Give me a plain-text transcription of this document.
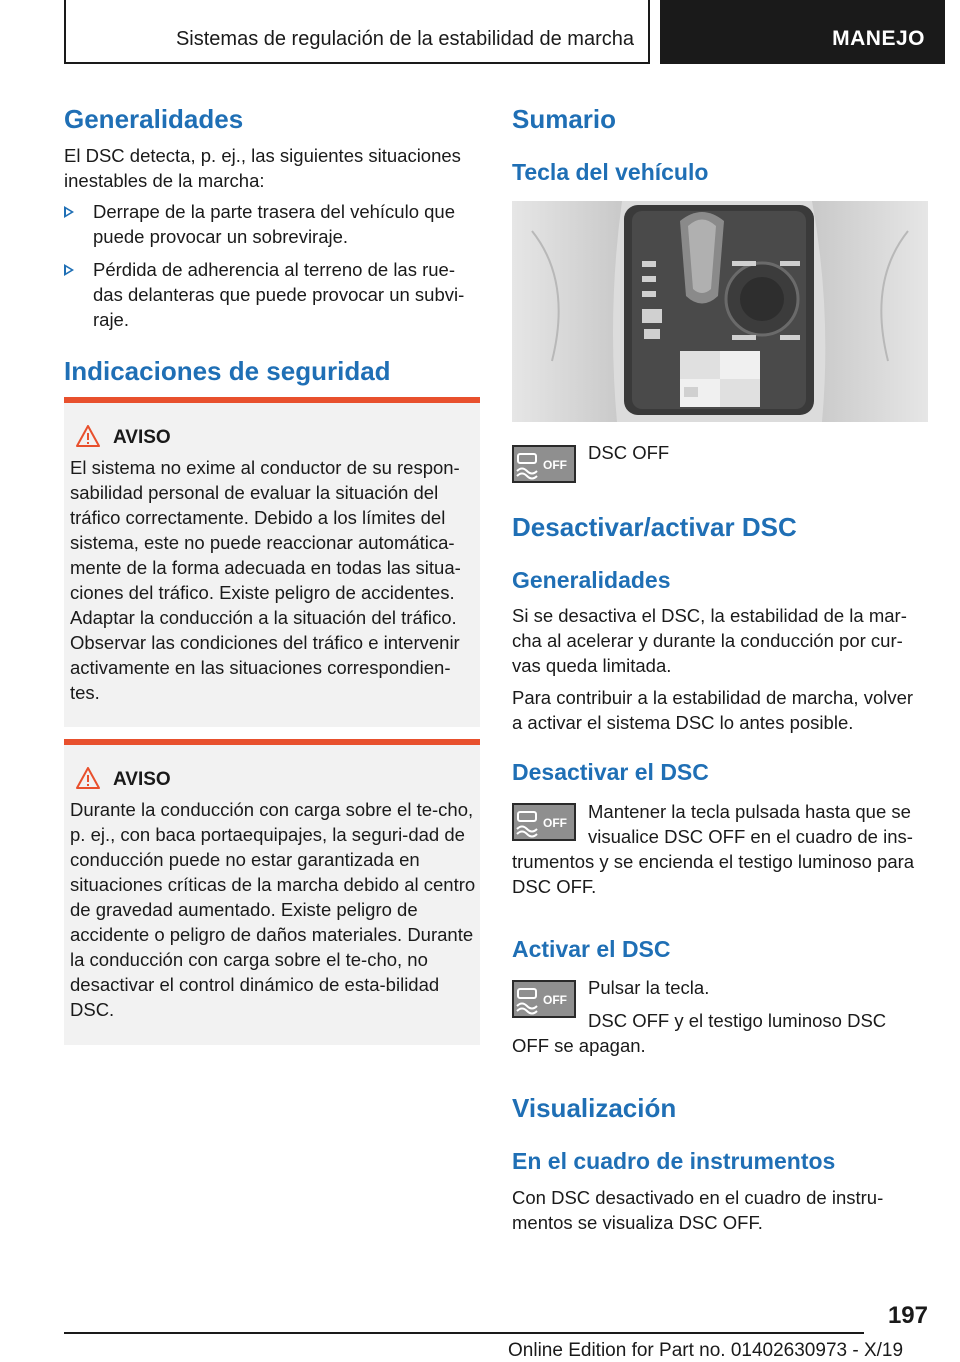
Sistemas de regulación de la estabilidad de marcha	MANEJO
Generalidades
El DSC detecta, p. ej., las siguientes situaciones inestables de la marcha:
Derrape de la parte trasera del vehículo que puede provocar un sobreviraje.
Pérdida de adherencia al terreno de las rue-das delanteras que puede provocar un subvi-raje.
Indicaciones de seguridad
AVISO
El sistema no exime al conductor de su respon-sabilidad personal de evaluar la situación del tráfico correctamente. Debido a los límites del sistema, este no puede reaccionar automática-mente de la forma adecuada en todas las situa-ciones del tráfico. Existe peligro de accidentes. Adaptar la conducción a la situación del tráfico. Observar las condiciones del tráfico e intervenir activamente en las situaciones correspondien-tes.
AVISO
Durante la conducción con carga sobre el te-cho, p. ej., con baca portaequipajes, la seguri-dad de conducción puede no estar garantizada en situaciones críticas de la marcha debido al centro de gravedad aumentado. Existe peligro de accidente o peligro de daños materiales. Durante la conducción con carga sobre el te-cho, no desactivar el control dinámico de esta-bilidad DSC.
Sumario
Tecla del vehículo
OFF
DSC OFF
Desactivar/activar DSC
Generalidades
Si se desactiva el DSC, la estabilidad de la mar-cha al acelerar y durante la conducción por cur-vas queda limitada.
Para contribuir a la estabilidad de marcha, volver a activar el sistema DSC lo antes posible.
Desactivar el DSC
OFF
Mantener la tecla pulsada hasta que se
visualice DSC OFF en el cuadro de ins-
trumentos y se encienda el testigo luminoso para DSC OFF.
Activar el DSC
OFF
Pulsar la tecla.
DSC OFF y el testigo luminoso DSC
OFF se apagan.
Visualización
En el cuadro de instrumentos
Con DSC desactivado en el cuadro de instru-mentos se visualiza DSC OFF.
197
Online Edition for Part no. 01402630973 - X/19
